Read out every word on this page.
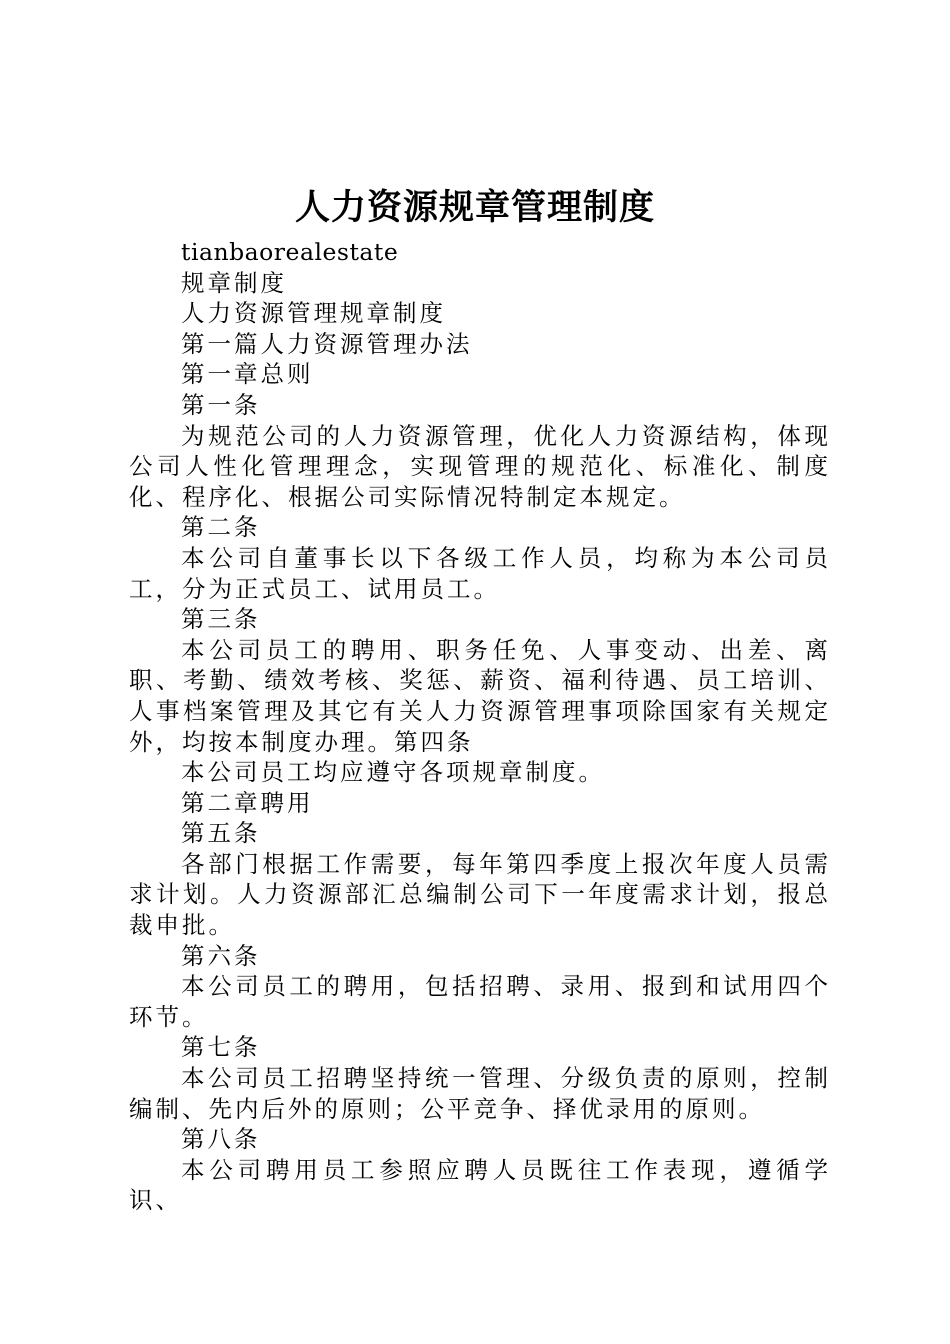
人力资源规章管理制度

tianbaorealestate

规章制度

人力资源管理规章制度

第一篇人力资源管理办法

第一章总则

第一条

为规范公司的人力资源管理，优化人力资源结构，体现公司人性化管理理念，实现管理的规范化、标准化、制度化、程序化、根据公司实际情况特制定本规定。

第二条

本公司自董事长以下各级工作人员，均称为本公司员工，分为正式员工、试用员工。

第三条

本公司员工的聘用、职务任免、人事变动、出差、离职、考勤、绩效考核、奖惩、薪资、福利待遇、员工培训、人事档案管理及其它有关人力资源管理事项除国家有关规定外，均按本制度办理。第四条

本公司员工均应遵守各项规章制度。

第二章聘用

第五条

各部门根据工作需要，每年第四季度上报次年度人员需求计划。人力资源部汇总编制公司下一年度需求计划，报总裁申批。

第六条

本公司员工的聘用，包括招聘、录用、报到和试用四个环节。

第七条

本公司员工招聘坚持统一管理、分级负责的原则，控制编制、先内后外的原则；公平竞争、择优录用的原则。

第八条

本公司聘用员工参照应聘人员既往工作表现，遵循学识、
